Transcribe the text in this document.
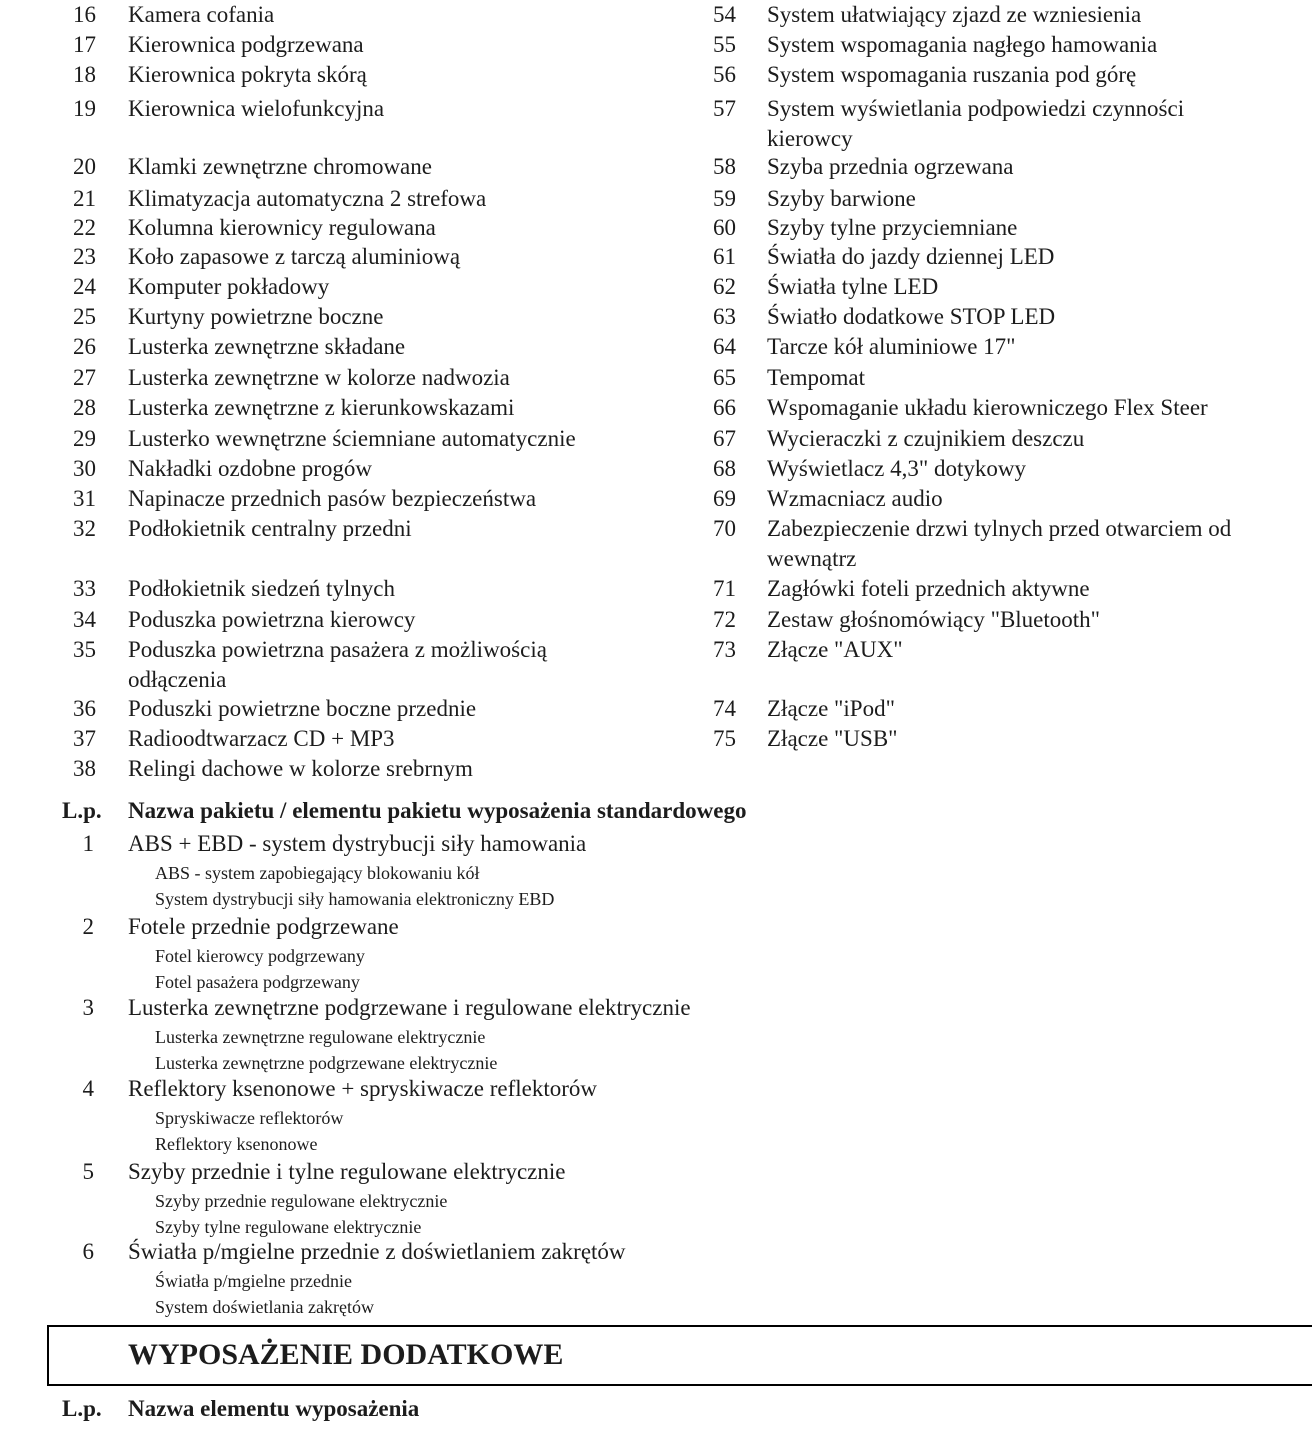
16 Kamera cofania
17 Kierownica podgrzewana
18 Kierownica pokryta skórą
19 Kierownica wielofunkcyjna
20 Klamki zewnętrzne chromowane
21 Klimatyzacja automatyczna 2 strefowa
22 Kolumna kierownicy regulowana
23 Koło zapasowe z tarczą aluminiową
24 Komputer pokładowy
25 Kurtyny powietrzne boczne
26 Lusterka zewnętrzne składane
27 Lusterka zewnętrzne w kolorze nadwozia
28 Lusterka zewnętrzne z kierunkowskazami
29 Lusterko wewnętrzne ściemniane automatycznie
30 Nakładki ozdobne progów
31 Napinacze przednich pasów bezpieczeństwa
32 Podłokietnik centralny przedni
33 Podłokietnik siedzeń tylnych
34 Poduszka powietrzna kierowcy
35 Poduszka powietrzna pasażera z możliwością
odłączenia
36 Poduszki powietrzne boczne przednie
37 Radioodtwarzacz CD + MP3
38 Relingi dachowe w kolorze srebrnym
54 System ułatwiający zjazd ze wzniesienia
55 System wspomagania nagłego hamowania
56 System wspomagania ruszania pod górę
57 System wyświetlania podpowiedzi czynności
kierowcy
58 Szyba przednia ogrzewana
59 Szyby barwione
60 Szyby tylne przyciemniane
61 Światła do jazdy dziennej LED
62 Światła tylne LED
63 Światło dodatkowe STOP LED
64 Tarcze kół aluminiowe 17"
65 Tempomat
66 Wspomaganie układu kierowniczego Flex Steer
67 Wycieraczki z czujnikiem deszczu
68 Wyświetlacz 4,3" dotykowy
69 Wzmacniacz audio
70 Zabezpieczenie drzwi tylnych przed otwarciem od
wewnątrz
71 Zagłówki foteli przednich aktywne
72 Zestaw głośnomówiący "Bluetooth"
73 Złącze "AUX"
74 Złącze "iPod"
75 Złącze "USB"
L.p. Nazwa pakietu / elementu pakietu wyposażenia standardowego
1 ABS + EBD - system dystrybucji siły hamowania
ABS - system zapobiegający blokowaniu kół
System dystrybucji siły hamowania elektroniczny EBD
2 Fotele przednie podgrzewane
Fotel kierowcy podgrzewany
Fotel pasażera podgrzewany
3 Lusterka zewnętrzne podgrzewane i regulowane elektrycznie
Lusterka zewnętrzne regulowane elektrycznie
Lusterka zewnętrzne podgrzewane elektrycznie
4 Reflektory ksenonowe + spryskiwacze reflektorów
Spryskiwacze reflektorów
Reflektory ksenonowe
5 Szyby przednie i tylne regulowane elektrycznie
Szyby przednie regulowane elektrycznie
Szyby tylne regulowane elektrycznie
6 Światła p/mgielne przednie z doświetlaniem zakrętów
Światła p/mgielne przednie
System doświetlania zakrętów
WYPOSAŻENIE DODATKOWE
L.p. Nazwa elementu wyposażenia
